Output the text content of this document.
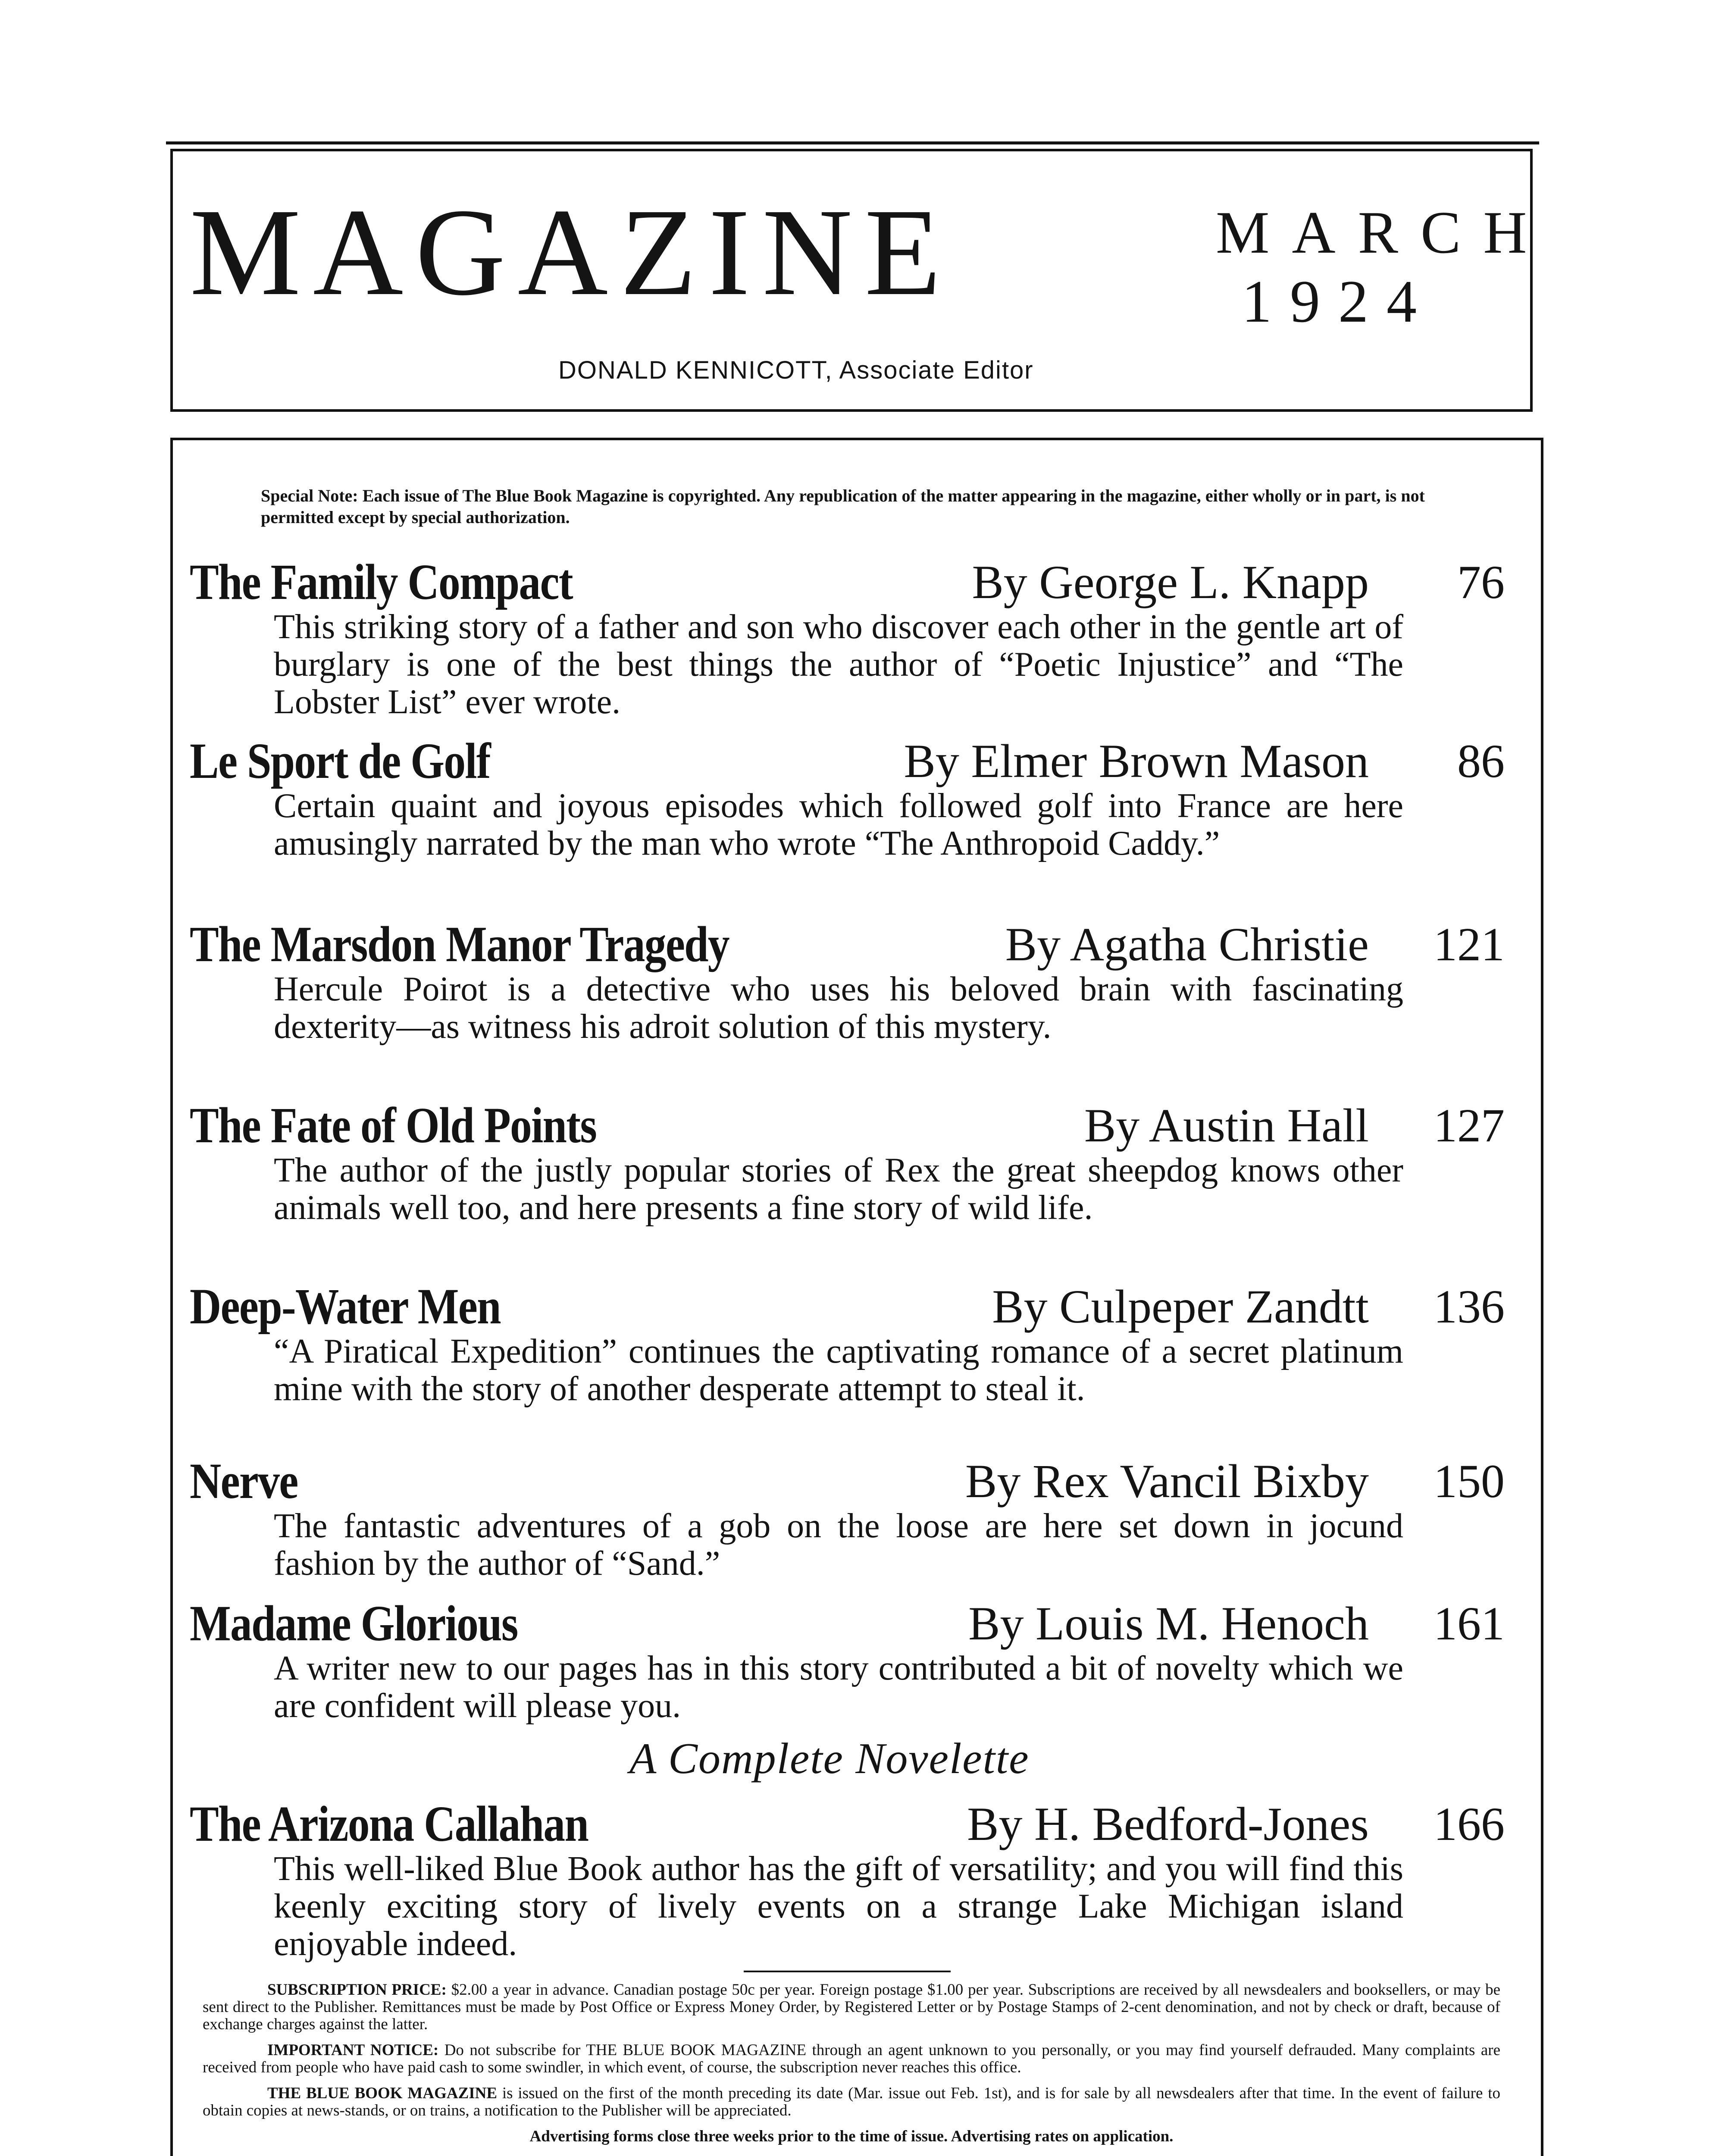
MAGAZINE	MARCH
1924
DONALD KENNICOTT, Associate Editor
Special Note: Each issue of The Blue Book Magazine is copyrighted. Any republication of the matter appearing in the magazine, either wholly or in part, is not permitted except by special authorization.
The Family Compact	By George L. Knapp 76
This striking story of a father and son who discover each other in the gentle art of burglary is one of the best things the author of “Poetic Injustice” and “The Lobster List” ever wrote.
Le Sport de Golf	By Elmer Brown Mason 86
Certain quaint and joyous episodes which followed golf into France are here amusingly narrated by the man who wrote “The Anthropoid Caddy.”
The Marsdon Manor Tragedy	By Agatha Christie 121
Hercule Poirot is a detective who uses his beloved brain with fascinating dexterity—as witness his adroit solution of this mystery.
The Fate of Old Points	By Austin Hall 127
The author of the justly popular stories of Rex the great sheepdog knows other animals well too, and here presents a fine story of wild life.
Deep-Water Men	By Culpeper Zandtt 136
“A Piratical Expedition” continues the captivating romance of a secret platinum mine with the story of another desperate attempt to steal it.
Nerve	By Rex Vancil Bixby 150
The fantastic adventures of a gob on the loose are here set down in jocund fashion by the author of “Sand.”
Madame Glorious	By Louis M. Henoch 161
A writer new to our pages has in this story contributed a bit of novelty which we are confident will please you.
A Complete Novelette
The Arizona Callahan	By H. Bedford-Jones 166
This well-liked Blue Book author has the gift of versatility; and you will find this keenly exciting story of lively events on a strange Lake Michigan island enjoyable indeed.

SUBSCRIPTION PRICE: $2.00 a year in advance. Canadian postage 50c per year. Foreign postage $1.00 per year. Subscriptions are received by all newsdealers and booksellers, or may be sent direct to the Publisher. Remittances must be made by Post Office or Express Money Order, by Registered Letter or by Postage Stamps of 2-cent denomination, and not by check or draft, because of exchange charges against the latter.

IMPORTANT NOTICE: Do not subscribe for THE BLUE BOOK MAGAZINE through an agent unknown to you personally, or you may find yourself defrauded. Many complaints are received from people who have paid cash to some swindler, in which event, of course, the subscription never reaches this office.

THE BLUE BOOK MAGAZINE is issued on the first of the month preceding its date (Mar. issue out Feb. 1st), and is for sale by all newsdealers after that time. In the event of failure to obtain copies at news-stands, or on trains, a notification to the Publisher will be appreciated.

Advertising forms close three weeks prior to the time of issue. Advertising rates on application.
